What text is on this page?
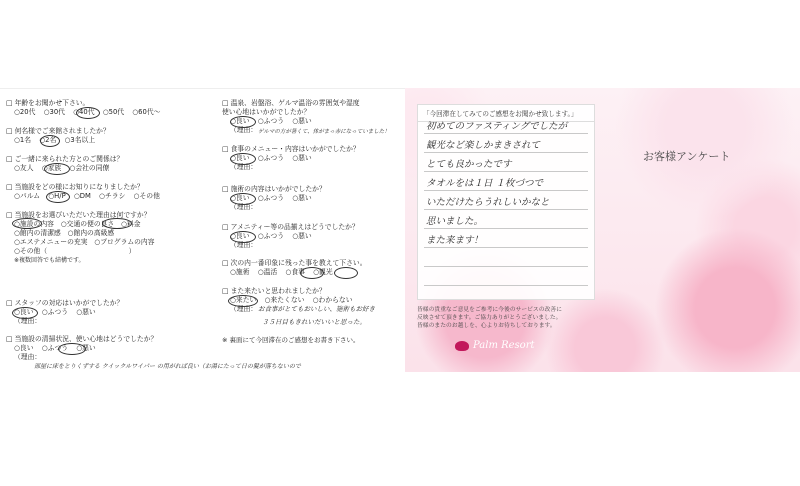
□ 年齢をお聞かせ下さい。
○20代 ○30代 ○40代 ○50代 ○60代～
□ 何名様でご来館されましたか？
○1名 ○2名 ○3名以上
□ ご一緒に来られた方とのご関係は？
○友人 ○家族 ○会社の同僚
□ 当施設をどの様にお知りになりましたか？
○パルム ○H/P ○DM ○チラシ ○その他
□ 当施設をお選びいただいた理由は何ですか？
○施設の内容　○交通の便の良さ　○料金
○館内の清潔感　○館内の高級感
○エステメニューの充実　○プログラムの内容
○その他（　　　　　　　　　　　　）
※複数回答でも結構です。
□ スタッフの対応はいかがでしたか？
○良い ○ふつう ○悪い
（理由：
□ 当施設の清掃状況、使い心地はどうでしたか？
○良い ○ふつう ○悪い
（理由：
部屋に床をとりくずする クイックルワイパー の用がれば良い（お湯にたって日の髪が落ちないので
□ 温泉、岩盤浴、ゲルマ温浴の雰囲気や湿度
使い心地はいかがでしたか？
○良い ○ふつう ○悪い
（理由： ゲルマの方が暑くて、体がまっ赤になっていました！
□ 食事のメニュー・内容はいかがでしたか？
○良い ○ふつう ○悪い
（理由：
□ 施術の内容はいかがでしたか？
○良い ○ふつう ○悪い
（理由：
□ アメニティー等の品揃えはどうでしたか？
○良い ○ふつう ○悪い
（理由：
□ 次の内一番印象に残った事を教えて下さい。
○施術 ○温活 ○食事 ○観光
□ また来たいと思われましたか？
○来たい ○来たくない ○わからない
（理由： お食事がとてもおいしい、施術もお好き
３５日目もきれいだいいと思った。
※ 裏面にて今回滞在のご感想をお書き下さい。
お客様アンケート
「今回滞在してみてのご感想をお聞かせ致します。」
初めてのファスティングでしたが
観光など楽しかまきされて
とても良かったです
タオルをは１日 １枚づつで
いただけたらうれしいかなと
思いました。
また来ます！
皆様の貴重なご意見をご参考に今後のサービスの改善に
反映させて頂きます。ご協力ありがとうございました。
皆様のまたのお越しを、心よりお待ちしております。
Palm Resort
